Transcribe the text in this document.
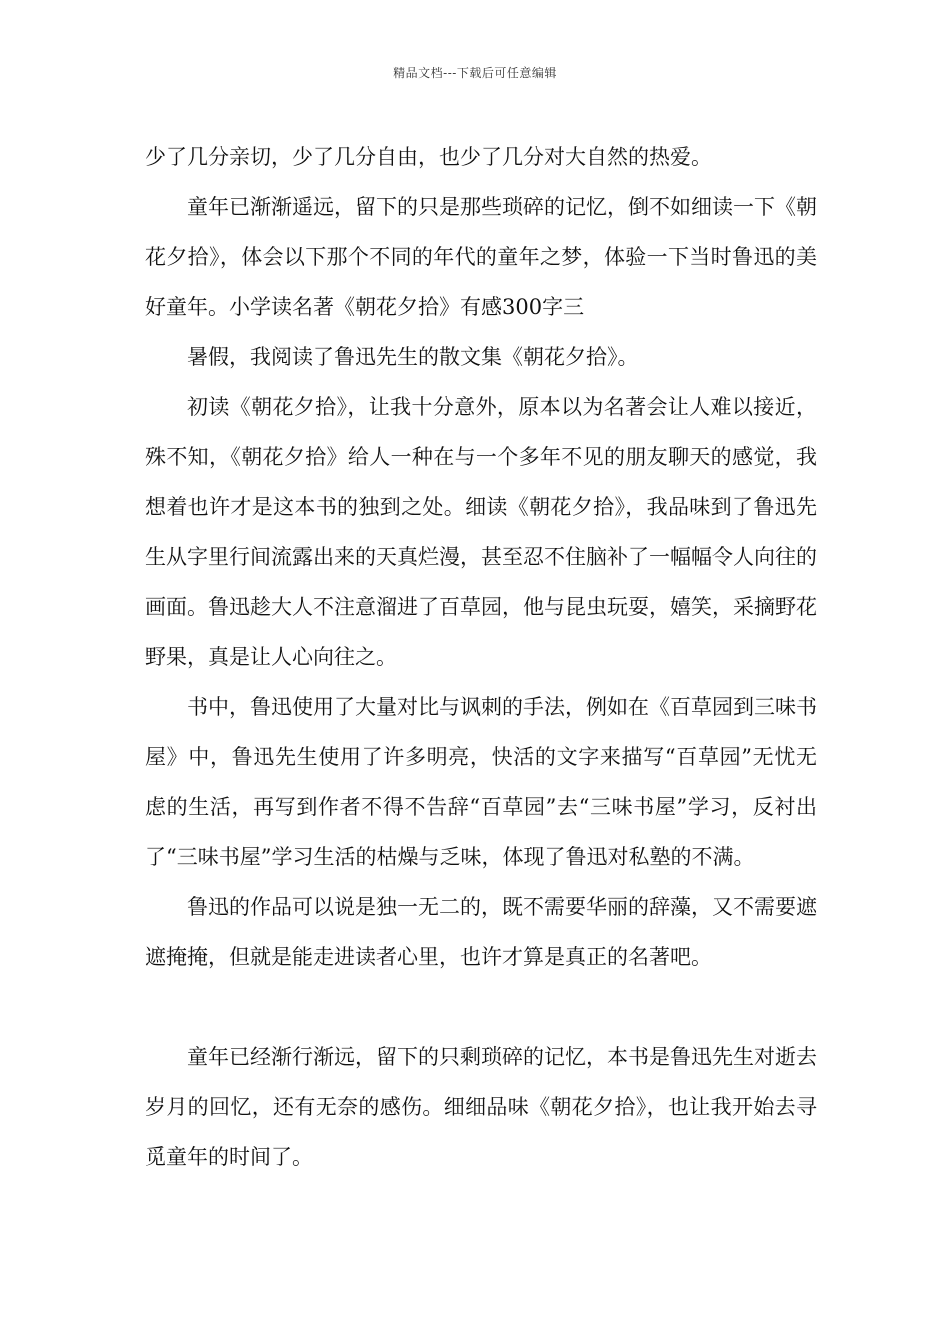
精品文档---下载后可任意编辑

少了几分亲切，少了几分自由，也少了几分对大自然的热爱。

童年已渐渐遥远，留下的只是那些琐碎的记忆，倒不如细读一下《朝花夕拾》，体会以下那个不同的年代的童年之梦，体验一下当时鲁迅的美好童年。小学读名著《朝花夕拾》有感300字三

暑假，我阅读了鲁迅先生的散文集《朝花夕拾》。

初读《朝花夕拾》，让我十分意外，原本以为名著会让人难以接近，殊不知，《朝花夕拾》给人一种在与一个多年不见的朋友聊天的感觉，我想着也许才是这本书的独到之处。细读《朝花夕拾》，我品味到了鲁迅先生从字里行间流露出来的天真烂漫，甚至忍不住脑补了一幅幅令人向往的画面。鲁迅趁大人不注意溜进了百草园，他与昆虫玩耍，嬉笑，采摘野花野果，真是让人心向往之。

书中，鲁迅使用了大量对比与讽刺的手法，例如在《百草园到三味书屋》中，鲁迅先生使用了许多明亮，快活的文字来描写“百草园”无忧无虑的生活，再写到作者不得不告辞“百草园”去“三味书屋”学习，反衬出了“三味书屋”学习生活的枯燥与乏味，体现了鲁迅对私塾的不满。

鲁迅的作品可以说是独一无二的，既不需要华丽的辞藻，又不需要遮遮掩掩，但就是能走进读者心里，也许才算是真正的名著吧。

童年已经渐行渐远，留下的只剩琐碎的记忆，本书是鲁迅先生对逝去岁月的回忆，还有无奈的感伤。细细品味《朝花夕拾》，也让我开始去寻觅童年的时间了。
